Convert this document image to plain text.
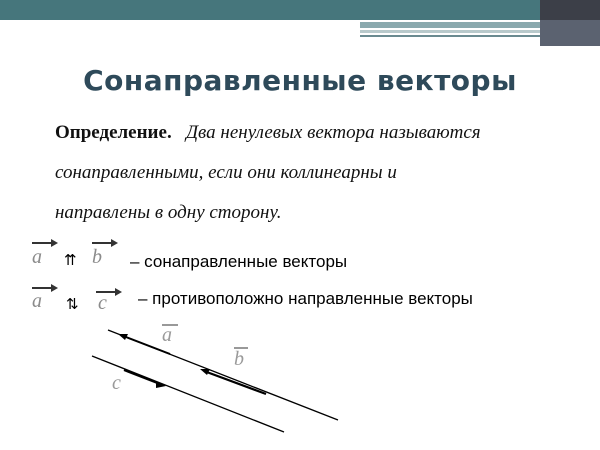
Сонаправленные векторы
Определение. Два ненулевых вектора называются
сонаправленными, если они коллинеарны и
направлены в одну сторону.
a ⇈ b – сонаправленные векторы
a ⇅ c – противоположно направленные векторы
a
b
c
